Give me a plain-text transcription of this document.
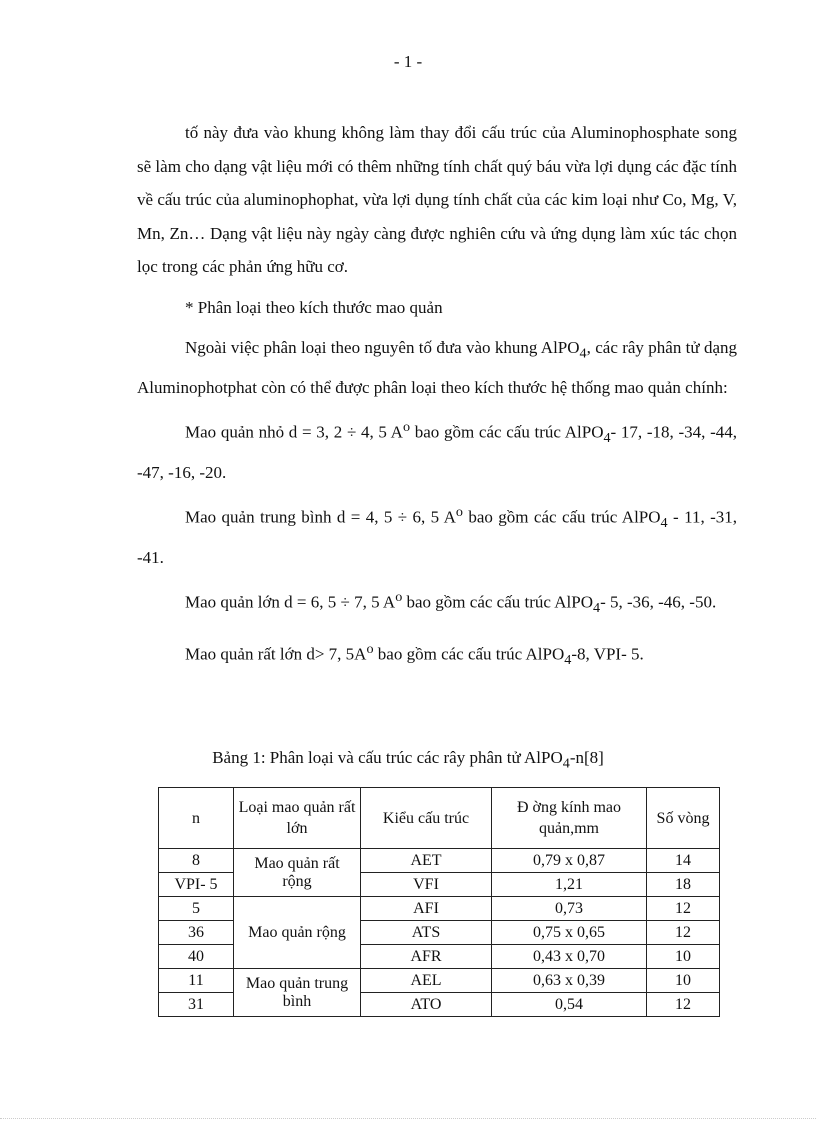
- 1 -

tố này đưa vào khung không làm thay đổi cấu trúc của Aluminophosphate song sẽ làm cho dạng vật liệu mới có thêm những tính chất quý báu vừa lợi dụng các đặc tính về cấu trúc của aluminophophat, vừa lợi dụng tính chất của các kim loại như Co, Mg, V, Mn, Zn… Dạng vật liệu này ngày càng được nghiên cứu và ứng dụng làm xúc tác chọn lọc trong các phản ứng hữu cơ.

* Phân loại theo kích thước mao quản

Ngoài việc phân loại theo nguyên tố đưa vào khung AlPO$_4$, các rây phân tử dạng Aluminophotphat còn có thể được phân loại theo kích thước hệ thống mao quản chính:

Mao quản nhỏ d = 3, 2 ÷ 4, 5 $A^o$ bao gồm các cấu trúc AlPO$_4$- 17, -18, -34, -44, -47, -16, -20.

Mao quản trung bình d = 4, 5 ÷ 6, 5 $A^o$ bao gồm các cấu trúc AlPO$_4$ - 11, -31, -41.

Mao quản lớn d = 6, 5 ÷ 7, 5 $A^o$ bao gồm các cấu trúc AlPO$_4$- 5, -36, -46, -50.

Mao quản rất lớn d> 7, $5A^o$ bao gồm các cấu trúc AlPO$_4$-8, VPI- 5.

Bảng 1: Phân loại và cấu trúc các rây phân tử AlPO$_4$-n[8]
n	Loại mao quản rất lớn	Kiểu cấu trúc	Đ ờng kính mao quản,mm	Số vòng
8	Mao quản rất rộng	AET	0,79 x 0,87	14
VPI- 5		VFI	1,21	18
5	Mao quản rộng	AFI	0,73	12
36		ATS	0,75 x 0,65	12
40		AFR	0,43 x 0,70	10
11	Mao quản trung bình	AEL	0,63 x 0,39	10
31		ATO	0,54	12
